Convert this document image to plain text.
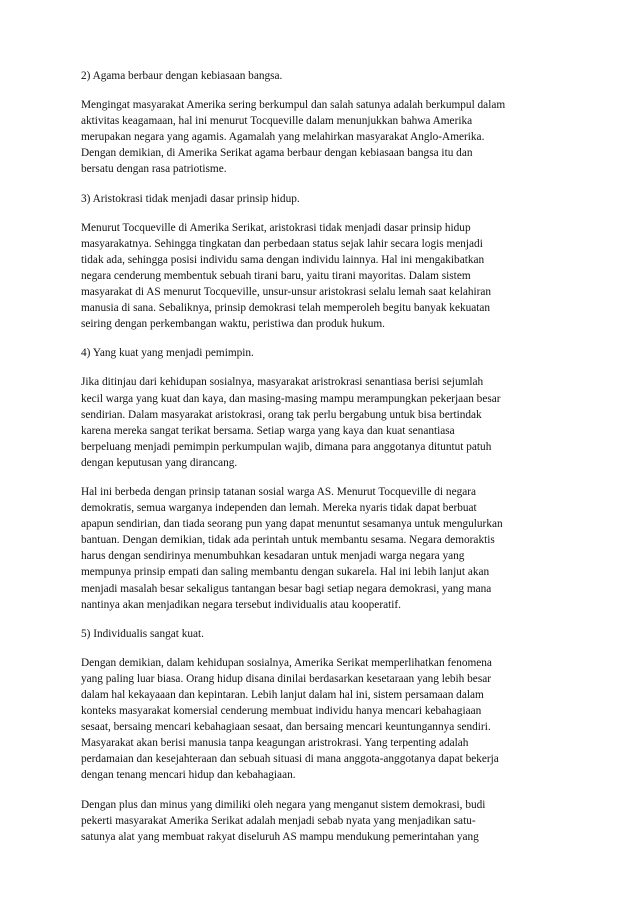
2) Agama berbaur dengan kebiasaan bangsa.

Mengingat masyarakat Amerika sering berkumpul dan salah satunya adalah berkumpul dalam
aktivitas keagamaan, hal ini menurut Tocqueville dalam menunjukkan bahwa Amerika
merupakan negara yang agamis. Agamalah yang melahirkan masyarakat Anglo-Amerika.
Dengan demikian, di Amerika Serikat agama berbaur dengan kebiasaan bangsa itu dan
bersatu dengan rasa patriotisme.

3) Aristokrasi tidak menjadi dasar prinsip hidup.

Menurut Tocqueville di Amerika Serikat, aristokrasi tidak menjadi dasar prinsip hidup
masyarakatnya. Sehingga tingkatan dan perbedaan status sejak lahir secara logis menjadi
tidak ada, sehingga posisi individu sama dengan individu lainnya. Hal ini mengakibatkan
negara cenderung membentuk sebuah tirani baru, yaitu tirani mayoritas. Dalam sistem
masyarakat di AS menurut Tocqueville, unsur-unsur aristokrasi selalu lemah saat kelahiran
manusia di sana. Sebaliknya, prinsip demokrasi telah memperoleh begitu banyak kekuatan
seiring dengan perkembangan waktu, peristiwa dan produk hukum.

4) Yang kuat yang menjadi pemimpin.

Jika ditinjau dari kehidupan sosialnya, masyarakat aristrokrasi senantiasa berisi sejumlah
kecil warga yang kuat dan kaya, dan masing-masing mampu merampungkan pekerjaan besar
sendirian. Dalam masyarakat aristokrasi, orang tak perlu bergabung untuk bisa bertindak
karena mereka sangat terikat bersama. Setiap warga yang kaya dan kuat senantiasa
berpeluang menjadi pemimpin perkumpulan wajib, dimana para anggotanya dituntut patuh
dengan keputusan yang dirancang.

Hal ini berbeda dengan prinsip tatanan sosial warga AS. Menurut Tocqueville di negara
demokratis, semua warganya independen dan lemah. Mereka nyaris tidak dapat berbuat
apapun sendirian, dan tiada seorang pun yang dapat menuntut sesamanya untuk mengulurkan
bantuan. Dengan demikian, tidak ada perintah untuk membantu sesama. Negara demoraktis
harus dengan sendirinya menumbuhkan kesadaran untuk menjadi warga negara yang
mempunya prinsip empati dan saling membantu dengan sukarela. Hal ini lebih lanjut akan
menjadi masalah besar sekaligus tantangan besar bagi setiap negara demokrasi, yang mana
nantinya akan menjadikan negara tersebut individualis atau kooperatif.

5) Individualis sangat kuat.

Dengan demikian, dalam kehidupan sosialnya, Amerika Serikat memperlihatkan fenomena
yang paling luar biasa. Orang hidup disana dinilai berdasarkan kesetaraan yang lebih besar
dalam hal kekayaaan dan kepintaran. Lebih lanjut dalam hal ini, sistem persamaan dalam
konteks masyarakat komersial cenderung membuat individu hanya mencari kebahagiaan
sesaat, bersaing mencari kebahagiaan sesaat, dan bersaing mencari keuntungannya sendiri.
Masyarakat akan berisi manusia tanpa keagungan aristrokrasi. Yang terpenting adalah
perdamaian dan kesejahteraan dan sebuah situasi di mana anggota-anggotanya dapat bekerja
dengan tenang mencari hidup dan kebahagiaan.

Dengan plus dan minus yang dimiliki oleh negara yang menganut sistem demokrasi, budi
pekerti masyarakat Amerika Serikat adalah menjadi sebab nyata yang menjadikan satu-
satunya alat yang membuat rakyat diseluruh AS mampu mendukung pemerintahan yang
